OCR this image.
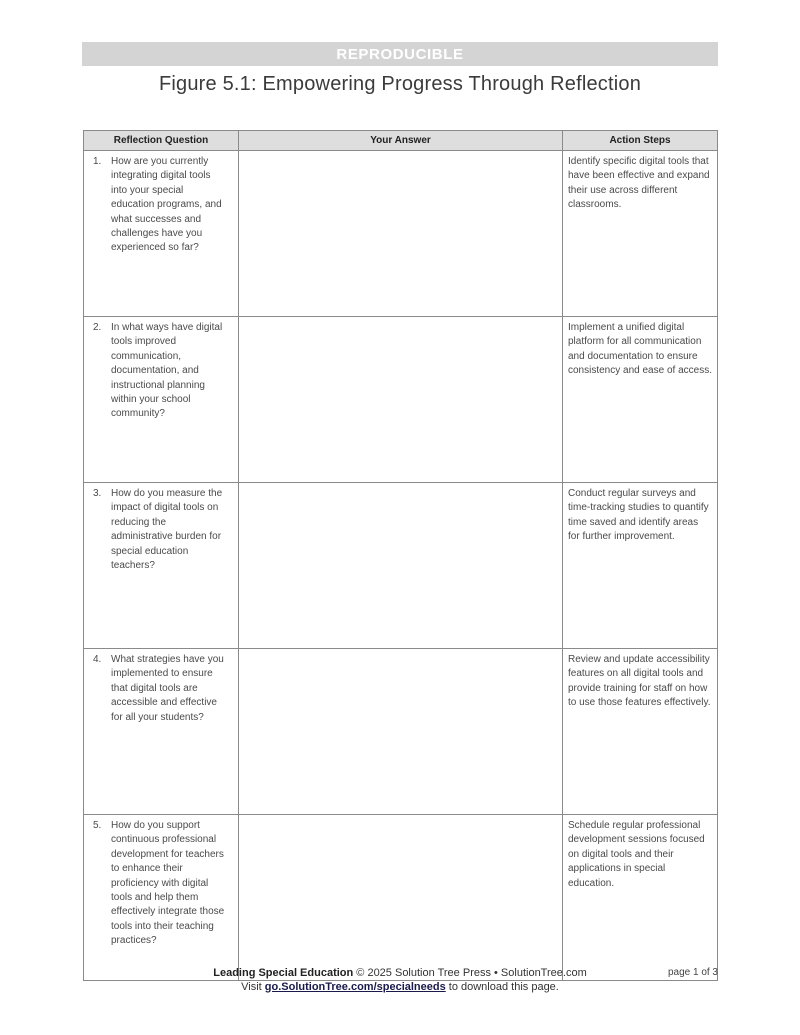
REPRODUCIBLE
Figure 5.1: Empowering Progress Through Reflection
Reflection Question	Your Answer	Action Steps

1. How are you currently integrating digital tools into your special education programs, and what successes and challenges have you experienced so far?		Identify specific digital tools that have been effective and expand their use across different classrooms.

2. In what ways have digital tools improved communication, documentation, and instructional planning within your school community?		Implement a unified digital platform for all communication and documentation to ensure consistency and ease of access.

3. How do you measure the impact of digital tools on reducing the administrative burden for special education teachers?		Conduct regular surveys and time-tracking studies to quantify time saved and identify areas for further improvement.

4. What strategies have you implemented to ensure that digital tools are accessible and effective for all your students?		Review and update accessibility features on all digital tools and provide training for staff on how to use those features effectively.

5. How do you support continuous professional development for teachers to enhance their proficiency with digital tools and help them effectively integrate those tools into their teaching practices?		Schedule regular professional development sessions focused on digital tools and their applications in special education.
Leading Special Education © 2025 Solution Tree Press • SolutionTree.com
Visit go.SolutionTree.com/specialneeds to download this page.
page 1 of 3
